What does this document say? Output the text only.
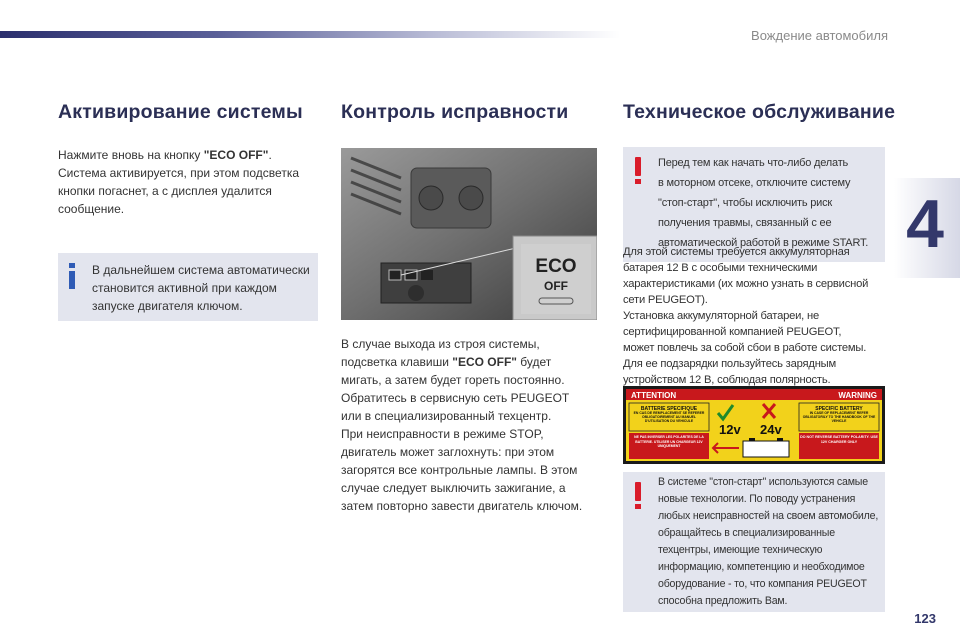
Вождение автомобиля
4
123
Активирование системы
Нажмите вновь на кнопку "ECO OFF".
Система активируется, при этом подсветка
кнопки погаснет, а с дисплея удалится
сообщение.
В дальнейшем система автоматически
становится активной при каждом
запуске двигателя ключом.
Контроль исправности
ECO
OFF
В случае выхода из строя системы,
подсветка клавиши "ECO OFF" будет
мигать, а затем будет гореть постоянно.
Обратитесь в сервисную сеть PEUGEOT
или в специализированный техцентр.
При неисправности в режиме STOP,
двигатель может заглохнуть: при этом
загорятся все контрольные лампы. В этом
случае следует выключить зажигание, а
затем повторно завести двигатель ключом.
Техническое обслуживание
Перед тем как начать что-либо делать
в моторном отсеке, отключите систему
"стоп-старт", чтобы исключить риск
получения травмы, связанный с ее
автоматической работой в режиме START.
Для этой системы требуется аккумуляторная
батарея 12 В с особыми техническими
характеристиками (их можно узнать в сервисной
сети PEUGEOT).
Установка аккумуляторной батареи, не
сертифицированной компанией PEUGEOT,
может повлечь за собой сбои в работе системы.
Для ее подзарядки пользуйтесь зарядным
устройством 12 В, соблюдая полярность.
ATTENTION	WARNING
BATTERIE SPECIFIQUE
EN CAS DE REMPLACEMENT SE REFERER OBLIGATOIREMENT AU MANUEL D'UTILISATION DU VEHICULE
NE PAS INVERSER LES POLARITES DE LA BATTERIE. UTILISER UN CHARGEUR 12V UNIQUEMENT
SPECIFIC BATTERY
IN CASE OF REPLACEMENT REFER OBLIGATORILY TO THE HANDBOOK OF THE VEHICLE
DO NOT REVERSE BATTERY POLARITY. USE 12V CHARGER ONLY
12v 24v
В системе "стоп-старт" используются самые
новые технологии. По поводу устранения
любых неисправностей на своем автомобиле,
обращайтесь в специализированные
техцентры, имеющие техническую
информацию, компетенцию и необходимое
оборудование - то, что компания PEUGEOT
способна предложить Вам.
